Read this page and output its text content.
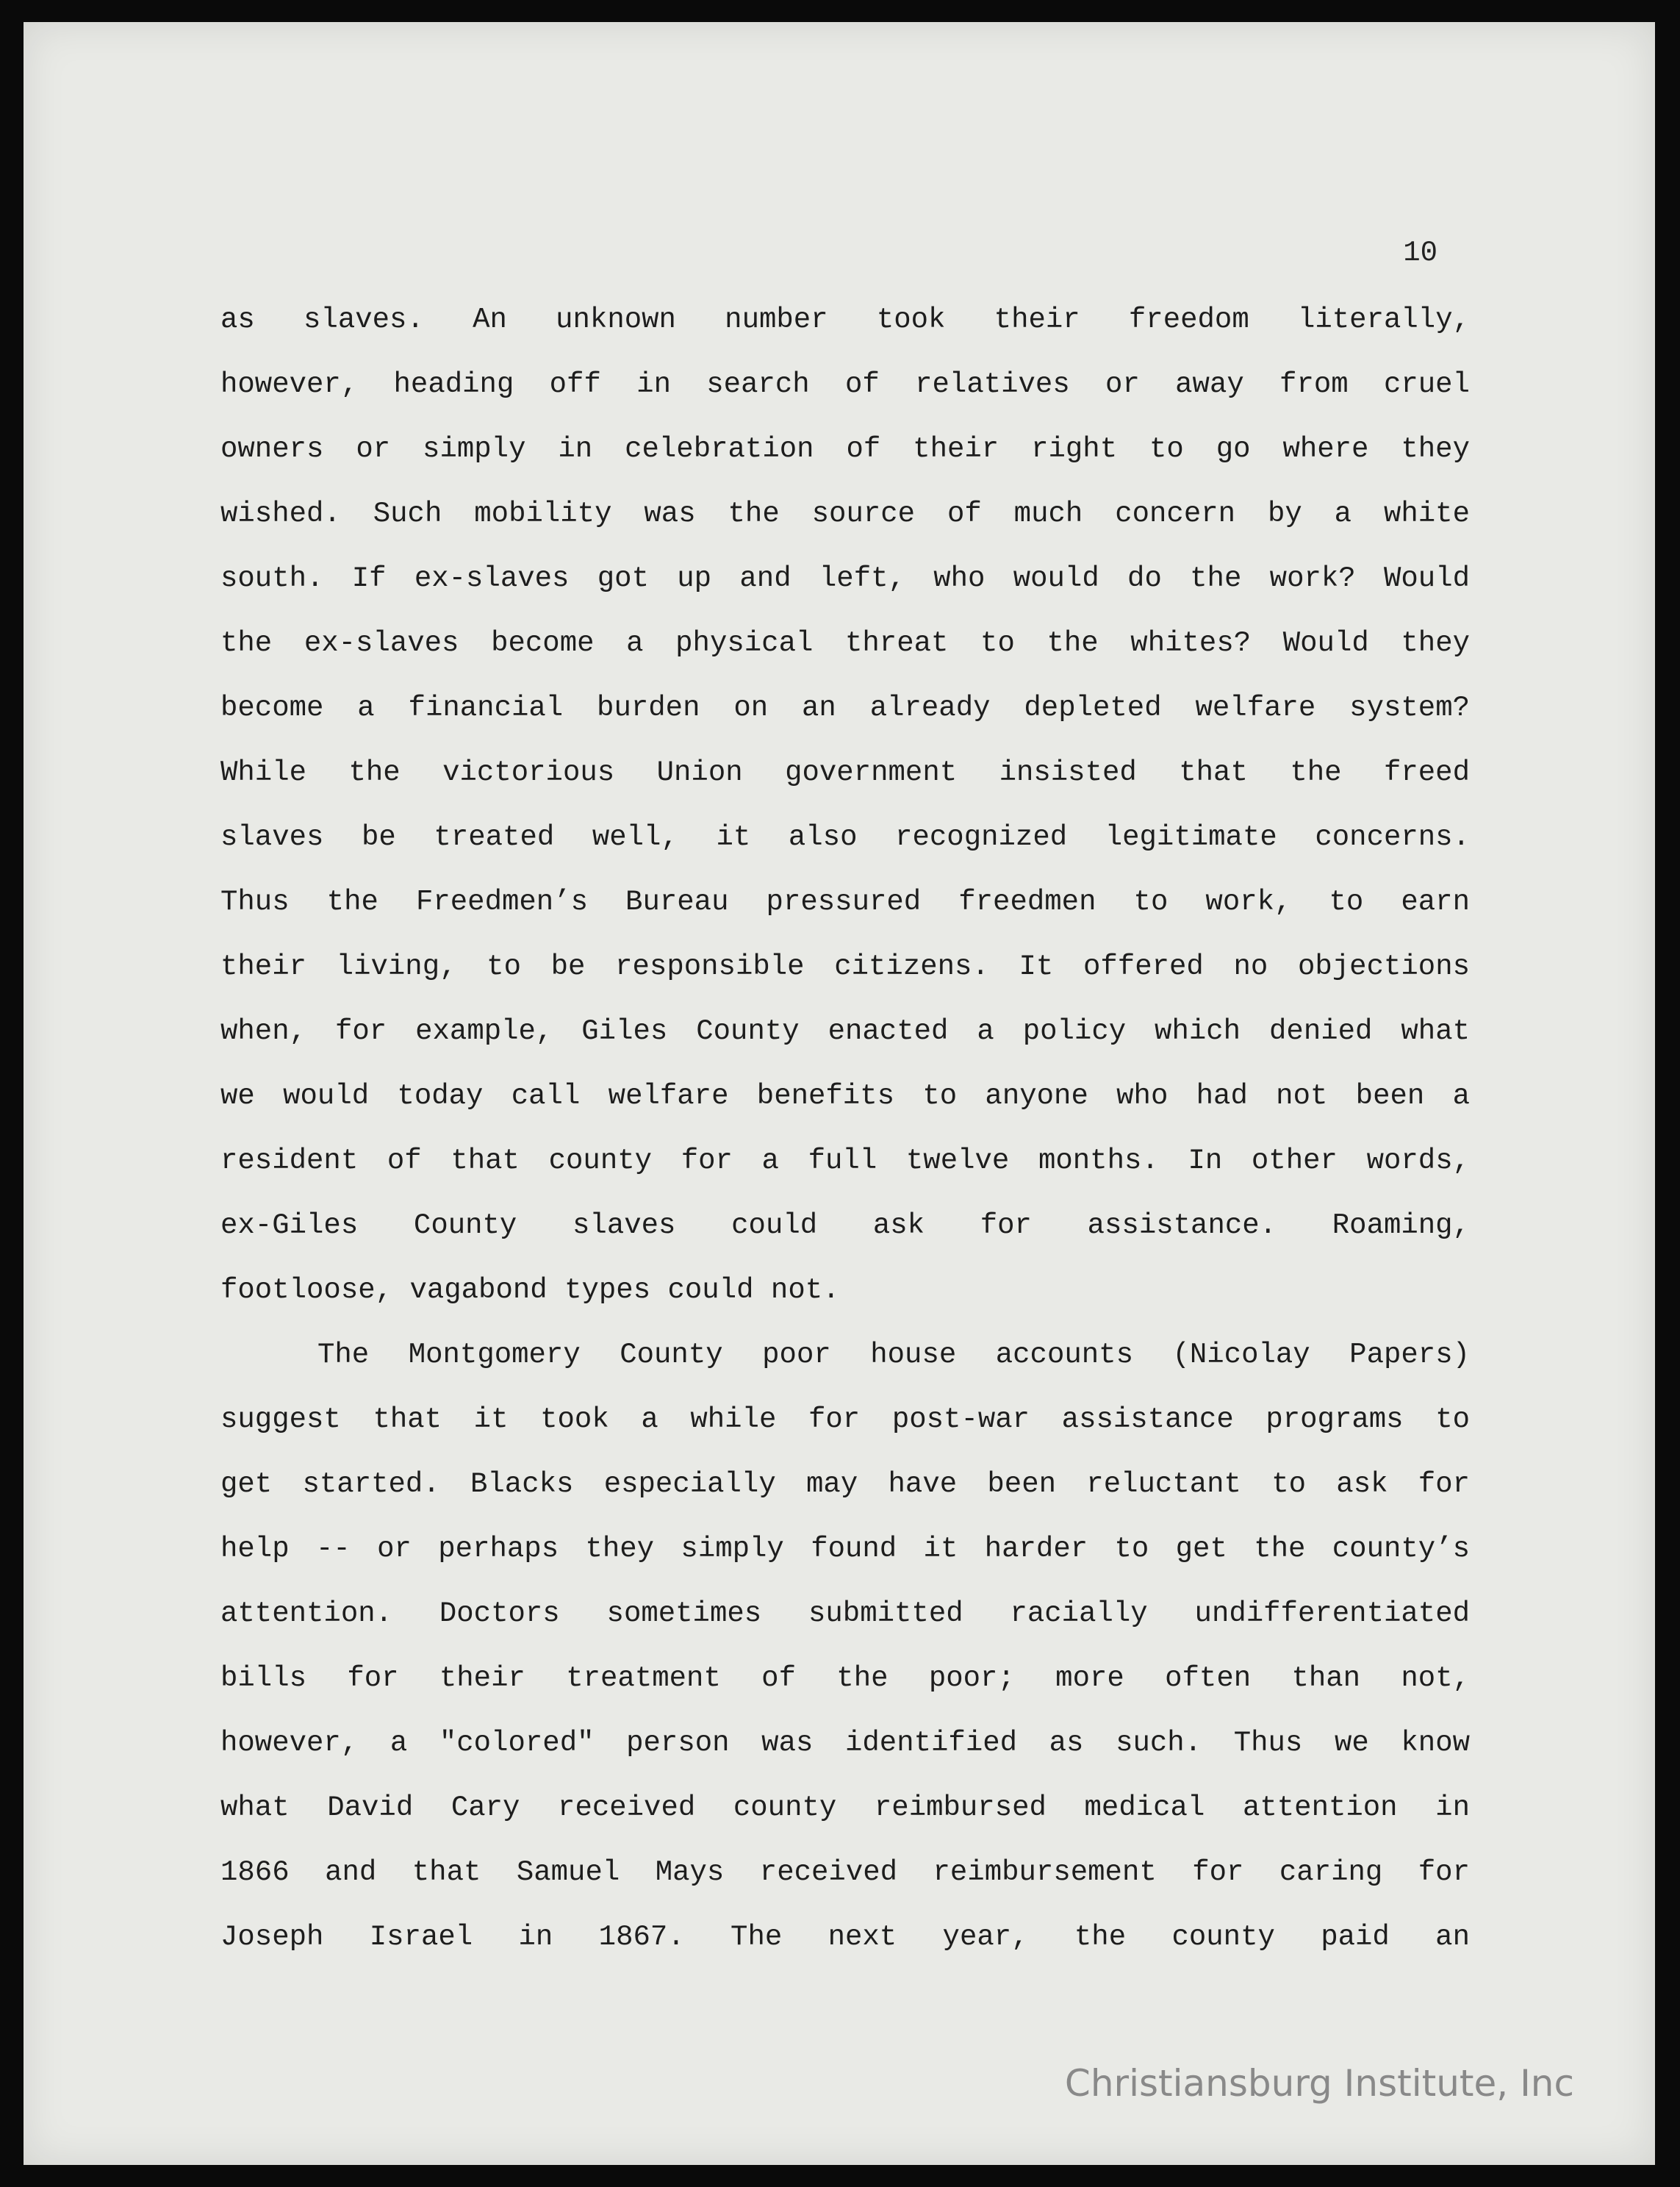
10
as slaves. An unknown number took their freedom literally,
however, heading off in search of relatives or away from cruel
owners or simply in celebration of their right to go where they
wished. Such mobility was the source of much concern by a white
south. If ex-slaves got up and left, who would do the work? Would
the ex-slaves become a physical threat to the whites? Would they
become a financial burden on an already depleted welfare system?
While the victorious Union government insisted that the freed
slaves be treated well, it also recognized legitimate concerns.
Thus the Freedmen’s Bureau pressured freedmen to work, to earn
their living, to be responsible citizens. It offered no objections
when, for example, Giles County enacted a policy which denied what
we would today call welfare benefits to anyone who had not been a
resident of that county for a full twelve months. In other words,
ex-Giles County slaves could ask for assistance. Roaming,
footloose, vagabond types could not.
The Montgomery County poor house accounts (Nicolay Papers)
suggest that it took a while for post-war assistance programs to
get started. Blacks especially may have been reluctant to ask for
help -- or perhaps they simply found it harder to get the county’s
attention. Doctors sometimes submitted racially undifferentiated
bills for their treatment of the poor; more often than not,
however, a "colored" person was identified as such. Thus we know
what David Cary received county reimbursed medical attention in
1866 and that Samuel Mays received reimbursement for caring for
Joseph Israel in 1867. The next year, the county paid an
Christiansburg Institute, Inc
